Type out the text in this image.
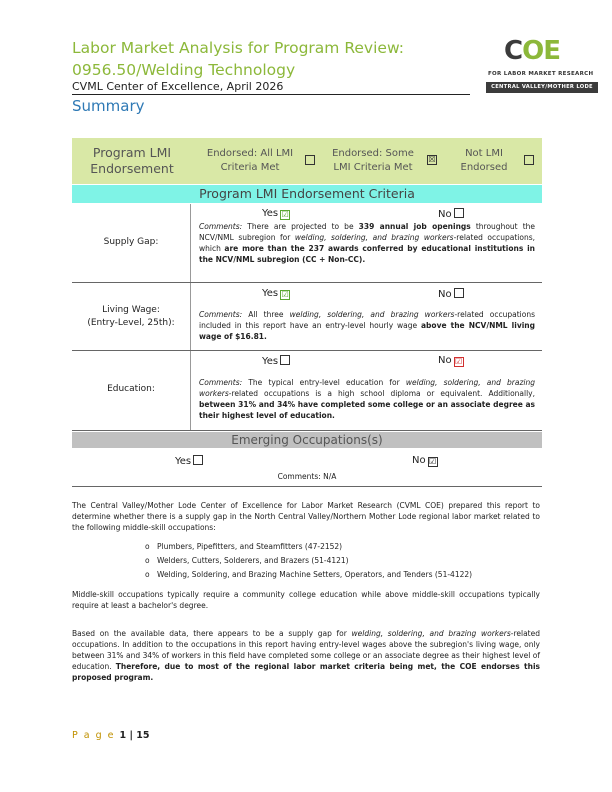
Labor Market Analysis for Program Review:
0956.50/Welding Technology
CVML Center of Excellence, April 2026
Summary
COE
FOR LABOR MARKET RESEARCH
CENTRAL VALLEY/MOTHER LODE
Program LMI Endorsement
Endorsed: All LMI Criteria Met
Endorsed: Some LMI Criteria Met
☒
Not LMI Endorsed
Program LMI Endorsement Criteria
Supply Gap:
Yes ☑	No
Comments: There are projected to be 339 annual job openings throughout the NCV/NML subregion for welding, soldering, and brazing workers-related occupations, which are more than the 237 awards conferred by educational institutions in the NCV/NML subregion (CC + Non-CC).
Living Wage:
(Entry-Level, 25th):
Yes ☑	No
Comments: All three welding, soldering, and brazing workers-related occupations included in this report have an entry-level hourly wage above the NCV/NML living wage of $16.81.
Education:
Yes	No ☑
Comments: The typical entry-level education for welding, soldering, and brazing workers-related occupations is a high school diploma or equivalent. Additionally, between 31% and 34% have completed some college or an associate degree as their highest level of education.
Emerging Occupations(s)
Yes	No ☑
Comments: N/A
The Central Valley/Mother Lode Center of Excellence for Labor Market Research (CVML COE) prepared this report to determine whether there is a supply gap in the North Central Valley/Northern Mother Lode regional labor market related to the following middle-skill occupations:
o Plumbers, Pipefitters, and Steamfitters (47-2152)
o Welders, Cutters, Solderers, and Brazers (51-4121)
o Welding, Soldering, and Brazing Machine Setters, Operators, and Tenders (51-4122)
Middle-skill occupations typically require a community college education while above middle-skill occupations typically require at least a bachelor's degree.
Based on the available data, there appears to be a supply gap for welding, soldering, and brazing workers-related occupations. In addition to the occupations in this report having entry-level wages above the subregion's living wage, only between 31% and 34% of workers in this field have completed some college or an associate degree as their highest level of education. Therefore, due to most of the regional labor market criteria being met, the COE endorses this proposed program.
P a g e 1 | 15
